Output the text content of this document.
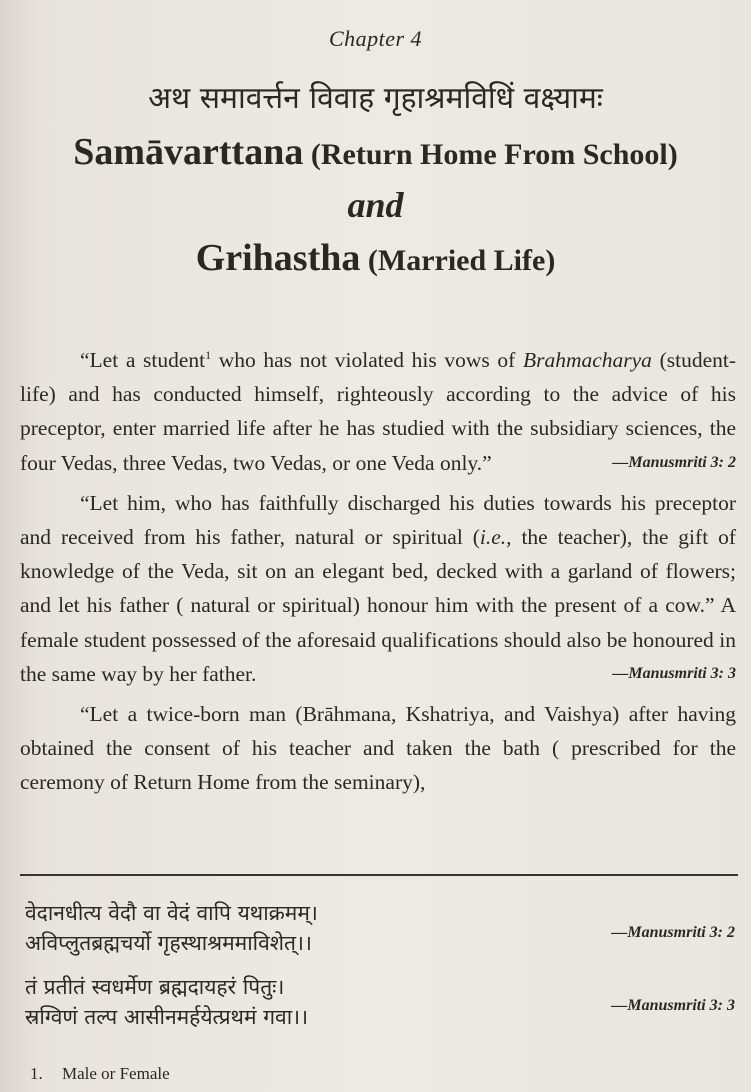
Chapter 4
अथ समावर्त्तन विवाह गृहाश्रमविधिं वक्ष्यामः
Samāvarttana (Return Home From School)
and
Grihastha (Married Life)

“Let a student$^1$ who has not violated his vows of Brahmacharya (student-life) and has conducted himself, righteously according to the advice of his preceptor, enter married life after he has studied with the subsidiary sciences, the four Vedas, three Vedas, two Vedas, or one Veda only.”	—Manusmriti 3: 2

“Let him, who has faithfully discharged his duties towards his preceptor and received from his father, natural or spiritual (i.e., the teacher), the gift of knowledge of the Veda, sit on an elegant bed, decked with a garland of flowers; and let his father ( natural or spiritual) honour him with the present of a cow.” A female student possessed of the aforesaid qualifications should also be honoured in the same way by her father.	—Manusmriti 3: 3

“Let a twice-born man (Brāhmana, Kshatriya, and Vaishya) after having obtained the consent of his teacher and taken the bath ( prescribed for the ceremony of Return Home from the seminary),

वेदानधीत्य वेदौ वा वेदं वापि यथाक्रमम्।
अविप्लुतब्रह्मचर्यो गृहस्थाश्रममाविशेत्।।	—Manusmriti 3: 2
तं प्रतीतं स्वधर्मेण ब्रह्मदायहरं पितुः।
स्रग्विणं तल्प आसीनमर्हयेत्प्रथमं गवा।।	—Manusmriti 3: 3
1. Male or Female
